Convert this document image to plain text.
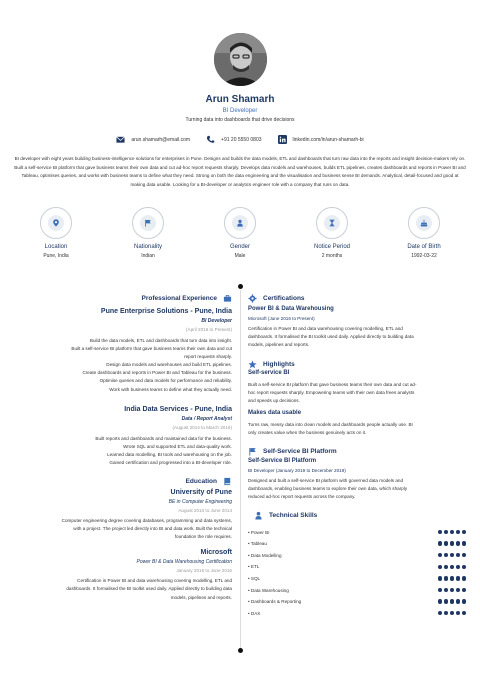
Arun Shamarh
BI Developer
Turning data into dashboards that drive decisions
arun.shamarh@email.com	+91 20 5550 0803	linkedin.com/in/arun-shamarh-bi

BI developer with eight years building business-intelligence solutions for enterprises in Pune. Designs and builds the data models, ETL and dashboards that turn raw data into the reports and insight decision-makers rely on. Built a self-service BI platform that gave business teams their own data and cut ad-hoc report requests sharply. Develops data models and warehouses, builds ETL pipelines, creates dashboards and reports in Power BI and Tableau, optimises queries, and works with business teams to define what they need. Strong on both the data engineering and the visualisation and business sense BI demands. Analytical, detail-focused and good at making data usable. Looking for a BI-developer or analytics engineer role with a company that runs on data.

Location
Pune, India
Nationality
Indian
Gender
Male
Notice Period
2 months
Date of Birth
1992-03-22
Professional Experience
Pune Enterprise Solutions - Pune, India
BI Developer
(April 2016 to Present)
Build the data models, ETL and dashboards that turn data into insight.
Built a self-service BI platform that gave business teams their own data and cut
report requests sharply.
Design data models and warehouses and build ETL pipelines.
Create dashboards and reports in Power BI and Tableau for the business.
Optimise queries and data models for performance and reliability.
Work with business teams to define what they actually need.
India Data Services - Pune, India
Data / Report Analyst
(August 2014 to March 2016)
Built reports and dashboards and maintained data for the business.
Wrote SQL and supported ETL and data-quality work.
Learned data modelling, BI tools and warehousing on the job.
Gained certification and progressed into a BI-developer role.
Education
University of Pune
BE in Computer Engineering
August 2010 to June 2014
Computer engineering degree covering databases, programming and data systems,
with a project. The project led directly into BI and data work. Built the technical
foundation the role requires.
Microsoft
Power BI & Data Warehousing Certification
January 2016 to June 2016
Certification in Power BI and data warehousing covering modelling, ETL and
dashboards. It formalised the BI toolkit used daily. Applied directly to building data
models, pipelines and reports.
Certifications
Power BI & Data Warehousing
Microsoft (June 2016 to Present)
Certification in Power BI and data warehousing covering modelling, ETL and
dashboards. It formalised the BI toolkit used daily. Applied directly to building data
models, pipelines and reports.
Highlights
Self-service BI
Built a self-service BI platform that gave business teams their own data and cut ad-
hoc report requests sharply. Empowering teams with their own data frees analysts
and speeds up decisions.
Makes data usable
Turns raw, messy data into clean models and dashboards people actually use. BI
only creates value when the business genuinely acts on it.
Self-Service BI Platform
Self-Service BI Platform
BI Developer (January 2019 to December 2019)
Designed and built a self-service BI platform with governed data models and
dashboards, enabling business teams to explore their own data, which sharply
reduced ad-hoc report requests across the company.
Technical Skills
• Power BI
• Tableau
• Data Modelling
• ETL
• SQL
• Data Warehousing
• Dashboards & Reporting
• DAX
